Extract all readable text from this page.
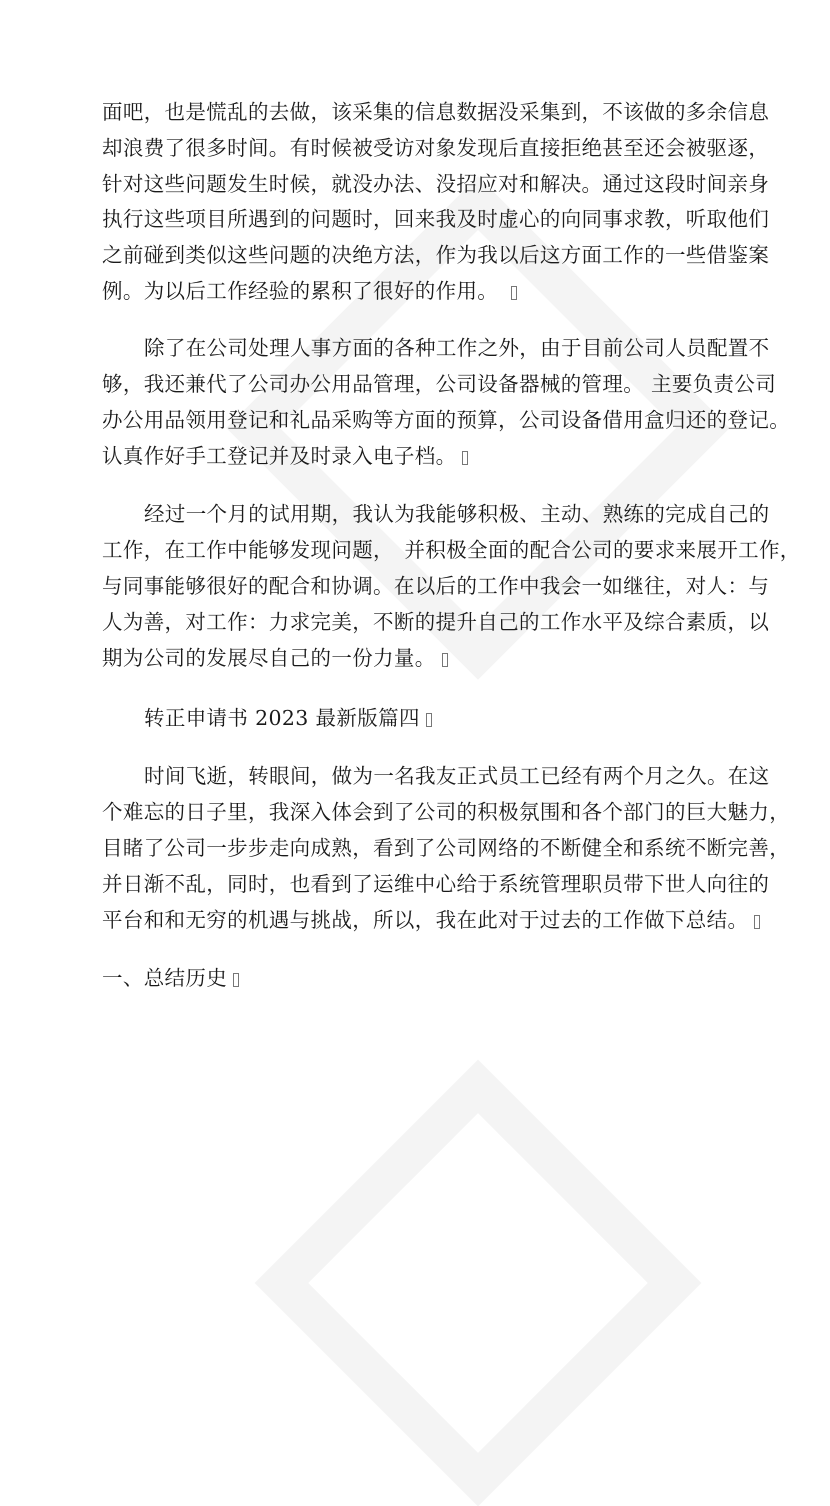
面吧，也是慌乱的去做，该采集的信息数据没采集到，不该做的多余信息
却浪费了很多时间。有时候被受访对象发现后直接拒绝甚至还会被驱逐，
针对这些问题发生时候，就没办法、没招应对和解决。通过这段时间亲身
执行这些项目所遇到的问题时，回来我及时虚心的向同事求教，听取他们
之前碰到类似这些问题的决绝方法，作为我以后这方面工作的一些借鉴案
例。为以后工作经验的累积了很好的作用。
除了在公司处理人事方面的各种工作之外，由于目前公司人员配置不
够，我还兼代了公司办公用品管理，公司设备器械的管理。 主要负责公司
办公用品领用登记和礼品采购等方面的预算，公司设备借用盒归还的登记。
认真作好手工登记并及时录入电子档。
经过一个月的试用期，我认为我能够积极、主动、熟练的完成自己的
工作，在工作中能够发现问题，　并积极全面的配合公司的要求来展开工作，
与同事能够很好的配合和协调。在以后的工作中我会一如继往，对人：与
人为善，对工作：力求完美，不断的提升自己的工作水平及综合素质，以
期为公司的发展尽自己的一份力量。
转正申请书 2023 最新版篇四
时间飞逝，转眼间，做为一名我友正式员工已经有两个月之久。在这
个难忘的日子里，我深入体会到了公司的积极氛围和各个部门的巨大魅力，
目睹了公司一步步走向成熟，看到了公司网络的不断健全和系统不断完善，
并日渐不乱，同时，也看到了运维中心给于系统管理职员带下世人向往的
平台和和无穷的机遇与挑战，所以，我在此对于过去的工作做下总结。
一、总结历史
